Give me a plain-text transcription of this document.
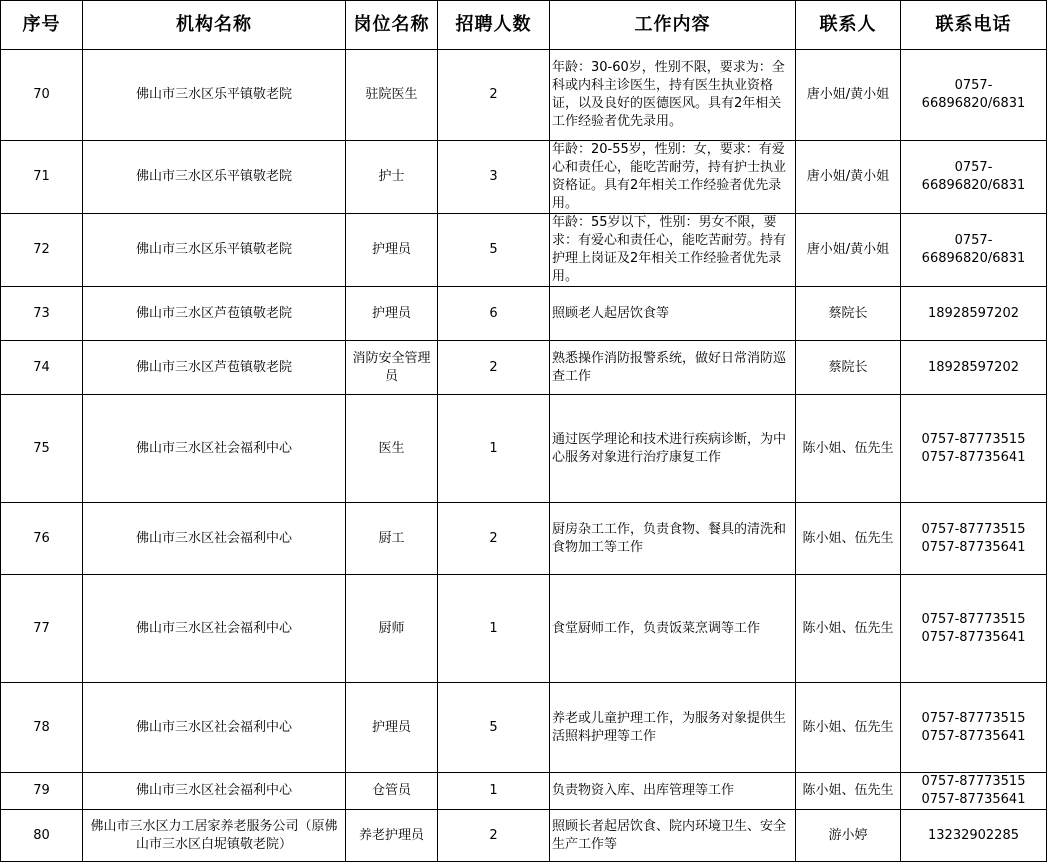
序号	机构名称	岗位名称	招聘人数	工作内容	联系人	联系电话
70	佛山市三水区乐平镇敬老院	驻院医生	2	年龄：30-60岁，性别不限，要求为：全科或内科主诊医生，持有医生执业资格证，以及良好的医德医风。具有2年相关工作经验者优先录用。	唐小姐/黄小姐	0757-
66896820/6831

71	佛山市三水区乐平镇敬老院	护士	3	年龄：20-55岁，性别：女，要求：有爱心和责任心，能吃苦耐劳，持有护士执业资格证。具有2年相关工作经验者优先录用。	唐小姐/黄小姐	0757-
66896820/6831

72	佛山市三水区乐平镇敬老院	护理员	5	年龄：55岁以下，性别：男女不限，要求：有爱心和责任心，能吃苦耐劳。持有护理上岗证及2年相关工作经验者优先录用。	唐小姐/黄小姐	0757-
66896820/6831

73	佛山市三水区芦苞镇敬老院	护理员	6	照顾老人起居饮食等	蔡院长	18928597202

74	佛山市三水区芦苞镇敬老院	消防安全管理员	2	熟悉操作消防报警系统，做好日常消防巡查工作	蔡院长	18928597202

75	佛山市三水区社会福利中心	医生	1	通过医学理论和技术进行疾病诊断，为中心服务对象进行治疗康复工作	陈小姐、伍先生	0757-87773515
0757-87735641

76	佛山市三水区社会福利中心	厨工	2	厨房杂工工作，负责食物、餐具的清洗和食物加工等工作	陈小姐、伍先生	0757-87773515
0757-87735641

77	佛山市三水区社会福利中心	厨师	1	食堂厨师工作，负责饭菜烹调等工作	陈小姐、伍先生	0757-87773515
0757-87735641

78	佛山市三水区社会福利中心	护理员	5	养老或儿童护理工作，为服务对象提供生活照料护理等工作	陈小姐、伍先生	0757-87773515
0757-87735641

79	佛山市三水区社会福利中心	仓管员	1	负责物资入库、出库管理等工作	陈小姐、伍先生	0757-87773515
0757-87735641

80	佛山市三水区力工居家养老服务公司（原佛山市三水区白坭镇敬老院）	养老护理员	2	照顾长者起居饮食、院内环境卫生、安全生产工作等	游小婷	13232902285
